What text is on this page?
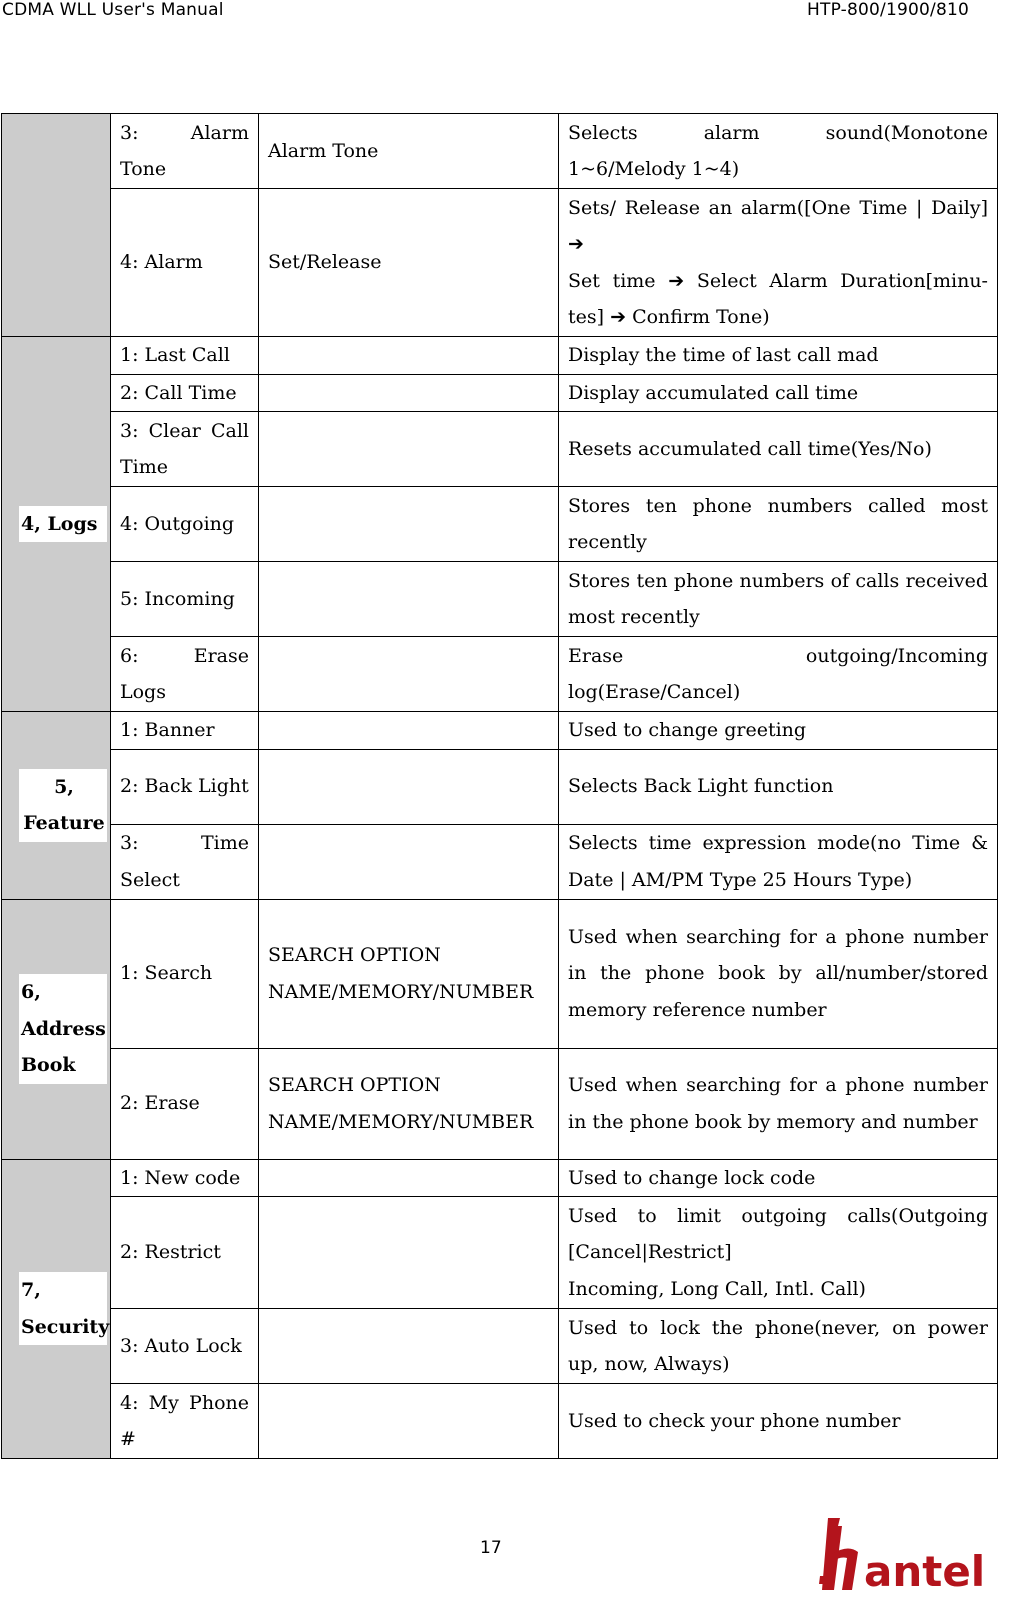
CDMA WLL User's Manual	HTP-800/1900/810
	3: Alarm Tone	Alarm Tone	Selects alarm sound(Monotone 1~6/Melody 1~4)
	4: Alarm	Set/Release	Sets/ Release an alarm([One Time | Daily] ➔
Set time ➔ Select Alarm Duration[minu-tes] ➔ Confirm Tone)

4, Logs	1: Last Call		Display the time of last call mad
	2: Call Time		Display accumulated call time
	3: Clear Call Time		Resets accumulated call time(Yes/No)
	4: Outgoing		Stores ten phone numbers called most recently
	5: Incoming		Stores ten phone numbers of calls received most recently
	6: Erase Logs		Erase outgoing/Incoming log(Erase/Cancel)

5, Feature	1: Banner		Used to change greeting
	2: Back Light		Selects Back Light function
	3: Time Select		Selects time expression mode(no Time & Date | AM/PM Type 25 Hours Type)

6, Address Book	1: Search	SEARCH OPTION
NAME/MEMORY/NUMBER	Used when searching for a phone number in the phone book by all/number/stored memory reference number
	2: Erase	SEARCH OPTION
NAME/MEMORY/NUMBER	Used when searching for a phone number in the phone book by memory and number

7, Security	1: New code		Used to change lock code
	2: Restrict		Used to limit outgoing calls(Outgoing [Cancel|Restrict]
Incoming, Long Call, Intl. Call)
	3: Auto Lock		Used to lock the phone(never, on power up, now, Always)
	4: My Phone #		Used to check your phone number
17	antel
